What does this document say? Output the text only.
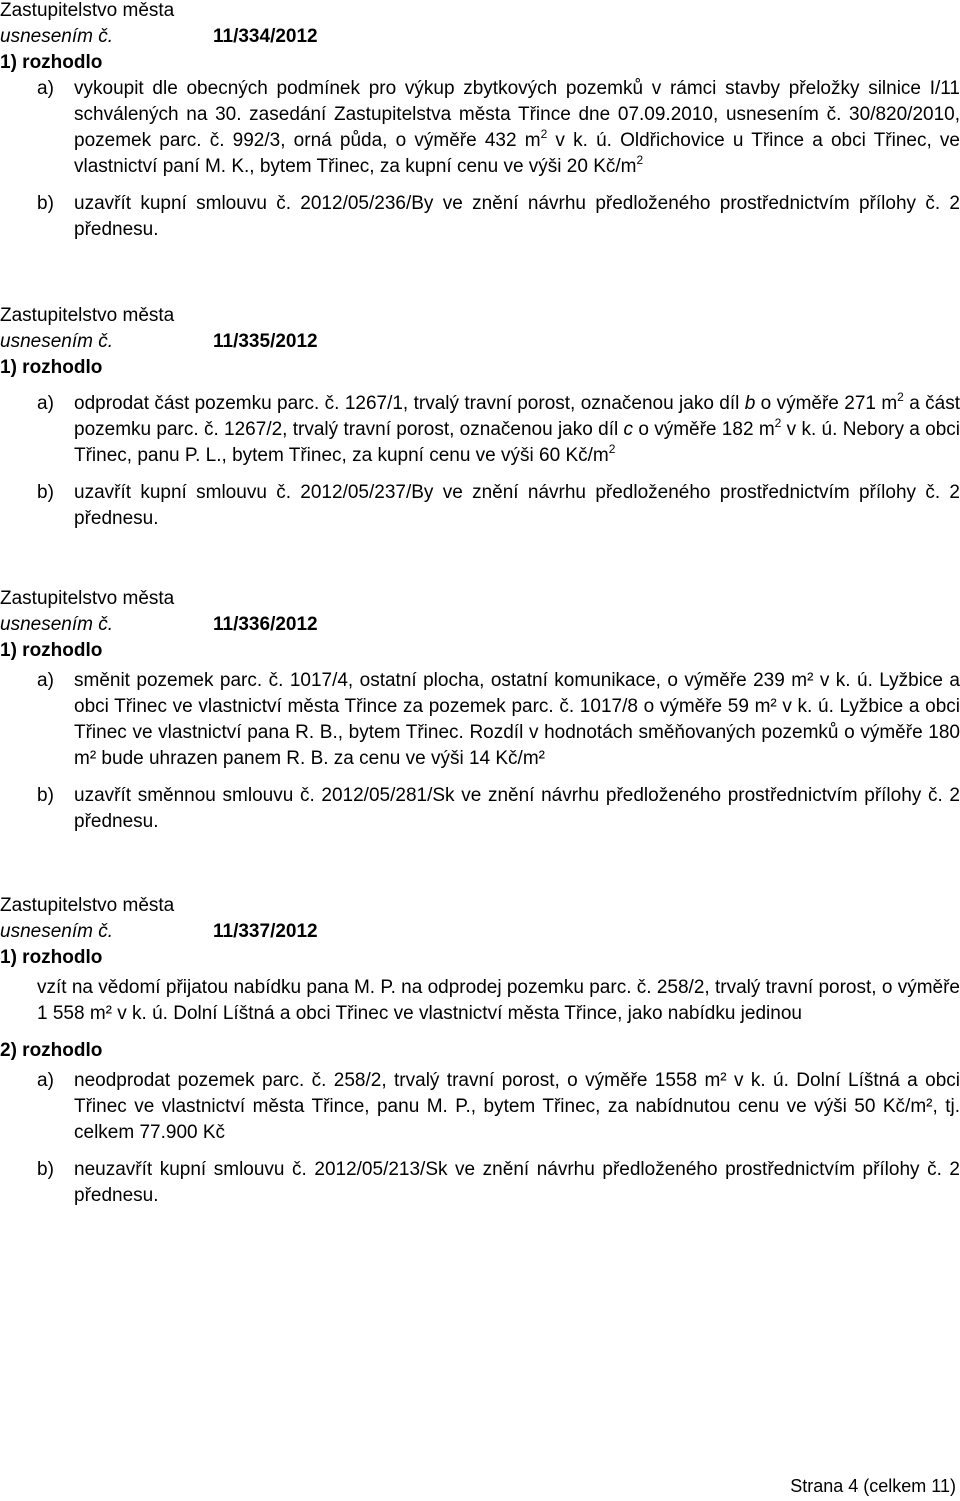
Zastupitelstvo města
usnesením č.	11/334/2012
1) rozhodlo
a) vykoupit dle obecných podmínek pro výkup zbytkových pozemků v rámci stavby přeložky silnice I/11 schválených na 30. zasedání Zastupitelstva města Třince dne 07.09.2010, usnesením č. 30/820/2010, pozemek parc. č. 992/3, orná půda, o výměře 432 $m^2$ v k. ú. Oldřichovice u Třince a obci Třinec, ve vlastnictví paní M. K., bytem Třinec, za kupní cenu ve výši 20 $Kč/m^2$
b) uzavřít kupní smlouvu č. 2012/05/236/By ve znění návrhu předloženého prostřednictvím přílohy č. 2 přednesu.
Zastupitelstvo města
usnesením č.	11/335/2012
1) rozhodlo
a) odprodat část pozemku parc. č. 1267/1, trvalý travní porost, označenou jako díl b o výměře 271 $m^2$ a část pozemku parc. č. 1267/2, trvalý travní porost, označenou jako díl c o výměře 182 $m^2$ v k. ú. Nebory a obci Třinec, panu P. L., bytem Třinec, za kupní cenu ve výši 60 $Kč/m^2$
b) uzavřít kupní smlouvu č. 2012/05/237/By ve znění návrhu předloženého prostřednictvím přílohy č. 2 přednesu.
Zastupitelstvo města
usnesením č.	11/336/2012
1) rozhodlo
a) směnit pozemek parc. č. 1017/4, ostatní plocha, ostatní komunikace, o výměře 239 m² v k. ú. Lyžbice a obci Třinec ve vlastnictví města Třince za pozemek parc. č. 1017/8 o výměře 59 m² v k. ú. Lyžbice a obci Třinec ve vlastnictví pana R. B., bytem Třinec. Rozdíl v hodnotách směňovaných pozemků o výměře 180 m² bude uhrazen panem R. B. za cenu ve výši 14 Kč/m²
b) uzavřít směnnou smlouvu č. 2012/05/281/Sk ve znění návrhu předloženého prostřednictvím přílohy č. 2 přednesu.
Zastupitelstvo města
usnesením č.	11/337/2012
1) rozhodlo
vzít na vědomí přijatou nabídku pana M. P. na odprodej pozemku parc. č. 258/2, trvalý travní porost, o výměře 1 558 m² v k. ú. Dolní Líštná a obci Třinec ve vlastnictví města Třince, jako nabídku jedinou
2) rozhodlo
a) neodprodat pozemek parc. č. 258/2, trvalý travní porost, o výměře 1558 m² v k. ú. Dolní Líštná a obci Třinec ve vlastnictví města Třince, panu M. P., bytem Třinec, za nabídnutou cenu ve výši 50 Kč/m², tj. celkem 77.900 Kč
b) neuzavřít kupní smlouvu č. 2012/05/213/Sk ve znění návrhu předloženého prostřednictvím přílohy č. 2 přednesu.
Strana 4 (celkem 11)
